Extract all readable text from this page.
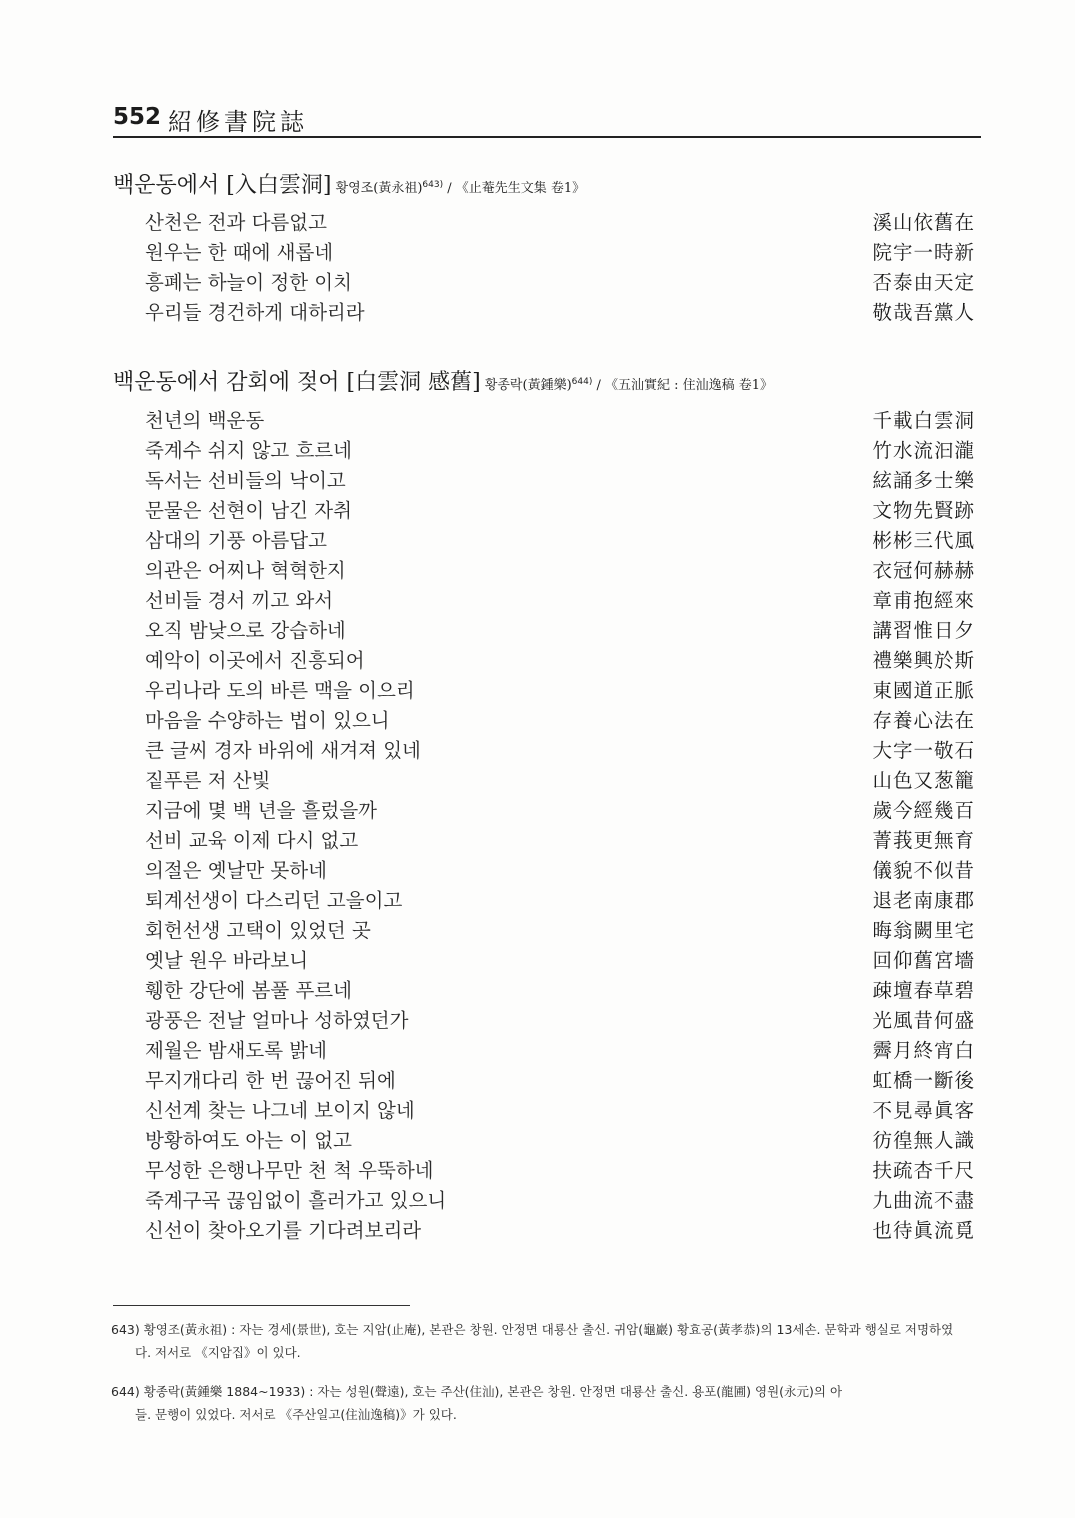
552 紹修書院誌
백운동에서 [入白雲洞] 황영조(黃永祖)$^{643)}$ / 《止菴先生文集 卷1》
산천은 전과 다름없고	溪山依舊在
원우는 한 때에 새롭네	院宇一時新
흥폐는 하늘이 정한 이치	否泰由天定
우리들 경건하게 대하리라	敬哉吾黨人
백운동에서 감회에 젖어 [白雲洞 感舊] 황종락(黃鍾樂)$^{644)}$ / 《五汕實紀 : 住汕逸稿 卷1》
천년의 백운동	千載白雲洞
죽계수 쉬지 않고 흐르네	竹水流汩瀧
독서는 선비들의 낙이고	絃誦多士樂
문물은 선현이 남긴 자취	文物先賢跡
삼대의 기풍 아름답고	彬彬三代風
의관은 어찌나 혁혁한지	衣冠何赫赫
선비들 경서 끼고 와서	章甫抱經來
오직 밤낮으로 강습하네	講習惟日夕
예악이 이곳에서 진흥되어	禮樂興於斯
우리나라 도의 바른 맥을 이으리	東國道正脈
마음을 수양하는 법이 있으니	存養心法在
큰 글씨 경자 바위에 새겨져 있네	大字一敬石
짙푸른 저 산빛	山色又葱籠
지금에 몇 백 년을 흘렀을까	歲今經幾百
선비 교육 이제 다시 없고	菁莪更無育
의절은 옛날만 못하네	儀貌不似昔
퇴계선생이 다스리던 고을이고	退老南康郡
회헌선생 고택이 있었던 곳	晦翁闕里宅
옛날 원우 바라보니	回仰舊宮墻
휑한 강단에 봄풀 푸르네	疎壇春草碧
광풍은 전날 얼마나 성하였던가	光風昔何盛
제월은 밤새도록 밝네	霽月終宵白
무지개다리 한 번 끊어진 뒤에	虹橋一斷後
신선계 찾는 나그네 보이지 않네	不見尋眞客
방황하여도 아는 이 없고	彷徨無人識
무성한 은행나무만 천 척 우뚝하네	扶疏杏千尺
죽계구곡 끊임없이 흘러가고 있으니	九曲流不盡
신선이 찾아오기를 기다려보리라	也待眞流覓
643) 황영조(黃永祖) : 자는 경세(景世), 호는 지암(止庵), 본관은 창원. 안정면 대룡산 출신. 귀암(龜巖) 황효공(黃孝恭)의 13세손. 문학과 행실로 저명하였
다. 저서로 《지암집》이 있다.
644) 황종락(黃鍾樂 1884~1933) : 자는 성원(聲遠), 호는 주산(住汕), 본관은 창원. 안정면 대룡산 출신. 용포(龍圃) 영원(永元)의 아
들. 문행이 있었다. 저서로 《주산일고(住汕逸稿)》가 있다.
